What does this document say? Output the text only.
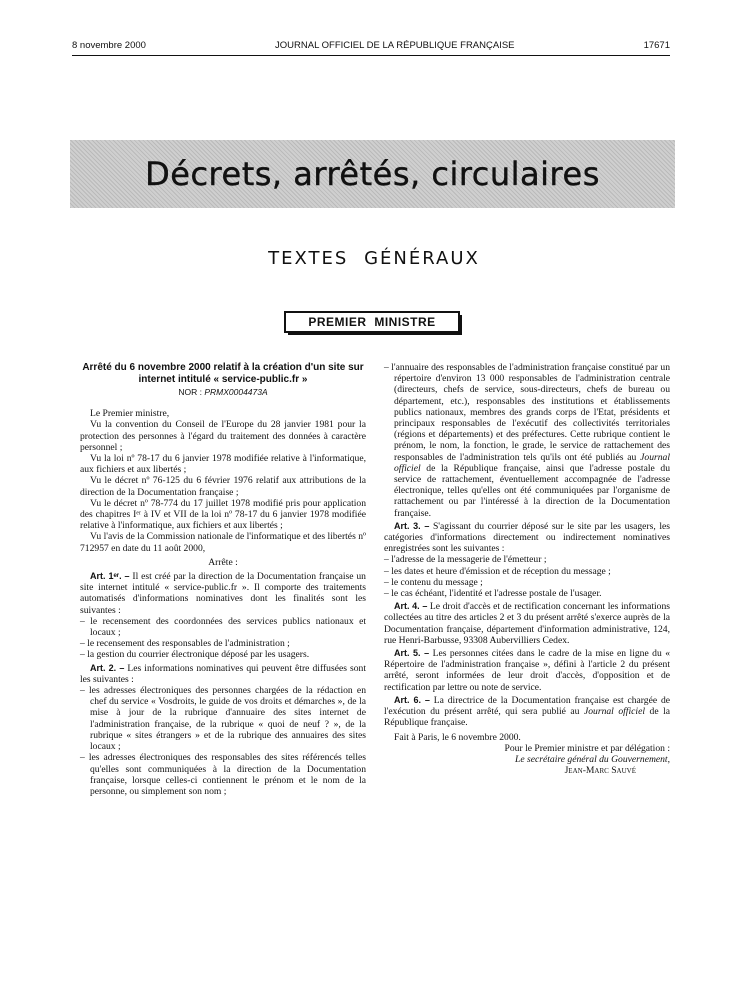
8 novembre 2000	JOURNAL OFFICIEL DE LA RÉPUBLIQUE FRANÇAISE	17671
Décrets, arrêtés, circulaires
TEXTES GÉNÉRAUX
PREMIER MINISTRE
Arrêté du 6 novembre 2000 relatif à la création d'un site sur internet intitulé « service-public.fr »
NOR : PRMX0004473A

Le Premier ministre,

Vu la convention du Conseil de l'Europe du 28 janvier 1981 pour la protection des personnes à l'égard du traitement des données à caractère personnel ;

Vu la loi nº 78-17 du 6 janvier 1978 modifiée relative à l'informatique, aux fichiers et aux libertés ;

Vu le décret nº 76-125 du 6 février 1976 relatif aux attributions de la direction de la Documentation française ;

Vu le décret nº 78-774 du 17 juillet 1978 modifié pris pour application des chapitres Iᵉʳ à IV et VII de la loi nº 78-17 du 6 janvier 1978 modifiée relative à l'informatique, aux fichiers et aux libertés ;

Vu l'avis de la Commission nationale de l'informatique et des libertés nº 712957 en date du 11 août 2000,

Arrête :

Art. 1ᵉʳ. – Il est créé par la direction de la Documentation française un site internet intitulé « service-public.fr ». Il comporte des traitements automatisés d'informations nominatives dont les finalités sont les suivantes :

– le recensement des coordonnées des services publics nationaux et locaux ;
– le recensement des responsables de l'administration ;
– la gestion du courrier électronique déposé par les usagers.

Art. 2. – Les informations nominatives qui peuvent être diffusées sont les suivantes :

– les adresses électroniques des personnes chargées de la rédaction en chef du service « Vosdroits, le guide de vos droits et démarches », de la mise à jour de la rubrique d'annuaire des sites internet de l'administration française, de la rubrique « quoi de neuf ? », de la rubrique « sites étrangers » et de la rubrique des annuaires des sites locaux ;
– les adresses électroniques des responsables des sites référencés telles qu'elles sont communiquées à la direction de la Documentation française, lorsque celles-ci contiennent le prénom et le nom de la personne, ou simplement son nom ;
– l'annuaire des responsables de l'administration française constitué par un répertoire d'environ 13 000 responsables de l'administration centrale (directeurs, chefs de service, sous-directeurs, chefs de bureau ou département, etc.), responsables des institutions et établissements publics nationaux, membres des grands corps de l'Etat, présidents et principaux responsables de l'exécutif des collectivités territoriales (régions et départements) et des préfectures. Cette rubrique contient le prénom, le nom, la fonction, le grade, le service de rattachement des responsables de l'administration tels qu'ils ont été publiés au Journal officiel de la République française, ainsi que l'adresse postale du service de rattachement, éventuellement accompagnée de l'adresse électronique, telles qu'elles ont été communiquées par l'organisme de rattachement ou par l'intéressé à la direction de la Documentation française.

Art. 3. – S'agissant du courrier déposé sur le site par les usagers, les catégories d'informations directement ou indirectement nominatives enregistrées sont les suivantes :

– l'adresse de la messagerie de l'émetteur ;
– les dates et heure d'émission et de réception du message ;
– le contenu du message ;
– le cas échéant, l'identité et l'adresse postale de l'usager.

Art. 4. – Le droit d'accès et de rectification concernant les informations collectées au titre des articles 2 et 3 du présent arrêté s'exerce auprès de la Documentation française, département d'information administrative, 124, rue Henri-Barbusse, 93308 Aubervilliers Cedex.

Art. 5. – Les personnes citées dans le cadre de la mise en ligne du « Répertoire de l'administration française », défini à l'article 2 du présent arrêté, seront informées de leur droit d'accès, d'opposition et de rectification par lettre ou note de service.

Art. 6. – La directrice de la Documentation française est chargée de l'exécution du présent arrêté, qui sera publié au Journal officiel de la République française.

Fait à Paris, le 6 novembre 2000.

Pour le Premier ministre et par délégation :
Le secrétaire général du Gouvernement,
Jean-Marc Sauvé
